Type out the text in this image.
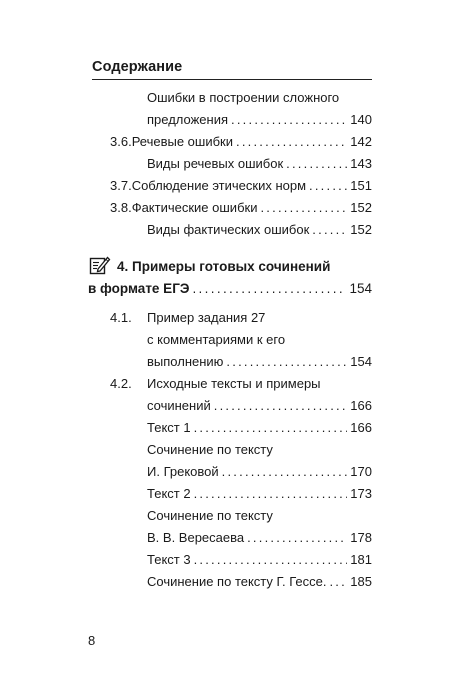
Содержание
Ошибки в построении сложного
предложения . . .	140
3.6. Речевые ошибки . . .	142
Виды речевых ошибок . . .	143
3.7. Соблюдение этических норм . . .	151
3.8. Фактические ошибки . . .	152
Виды фактических ошибок . . .	152
4. Примеры готовых сочинений
в формате ЕГЭ . . .	154
4.1. Пример задания 27
с комментариями к его
выполнению . . .	154
4.2. Исходные тексты и примеры
сочинений . . .	166
Текст 1 . . .	166
Сочинение по тексту
И. Грековой . . .	170
Текст 2 . . .	173
Сочинение по тексту
В. В. Вересаева . . .	178
Текст 3 . . .	181
Сочинение по тексту Г. Гессе. . . . 185
8
